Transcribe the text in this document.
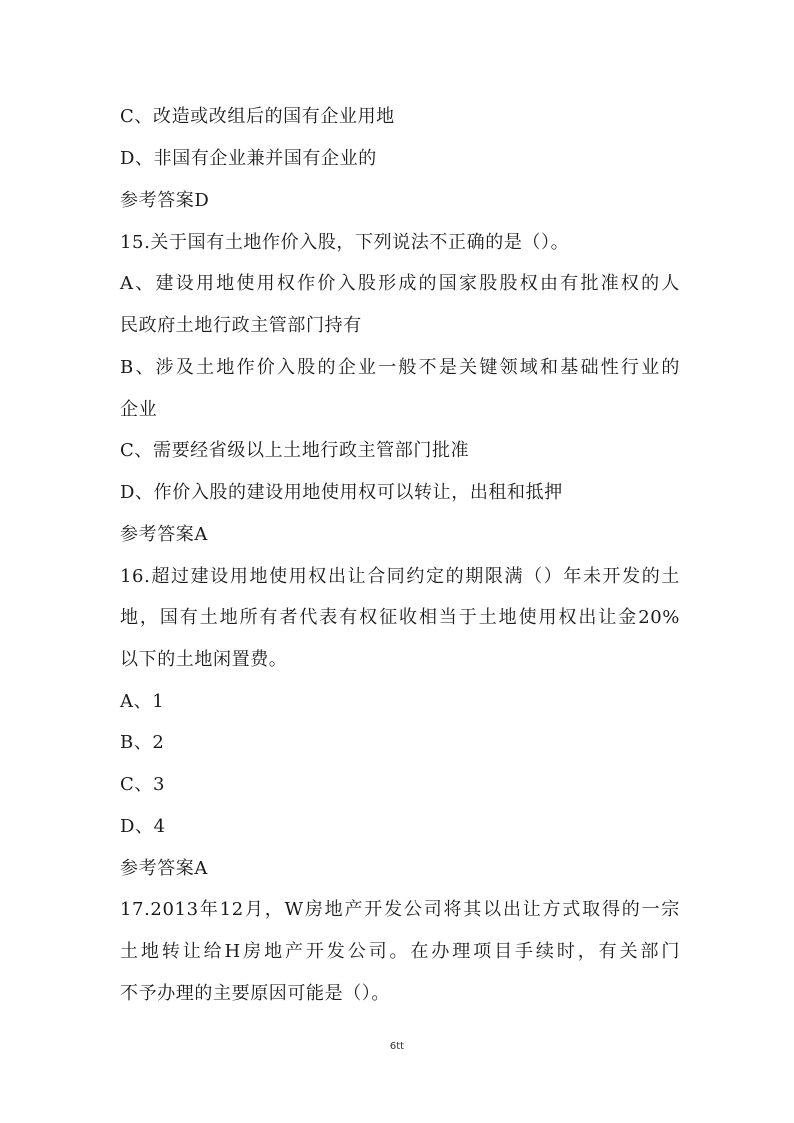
C、改造或改组后的国有企业用地
D、非国有企业兼并国有企业的
参考答案D
15.关于国有土地作价入股，下列说法不正确的是（）。
A、建设用地使用权作价入股形成的国家股股权由有批准权的人
民政府土地行政主管部门持有
B、涉及土地作价入股的企业一般不是关键领域和基础性行业的
企业
C、需要经省级以上土地行政主管部门批准
D、作价入股的建设用地使用权可以转让，出租和抵押
参考答案A
16.超过建设用地使用权出让合同约定的期限满（）年未开发的土
地，国有土地所有者代表有权征收相当于土地使用权出让金20%
以下的土地闲置费。
A、1
B、2
C、3
D、4
参考答案A
17.2013年12月，W房地产开发公司将其以出让方式取得的一宗
土地转让给H房地产开发公司。在办理项目手续时，有关部门
不予办理的主要原因可能是（）。
6tt
